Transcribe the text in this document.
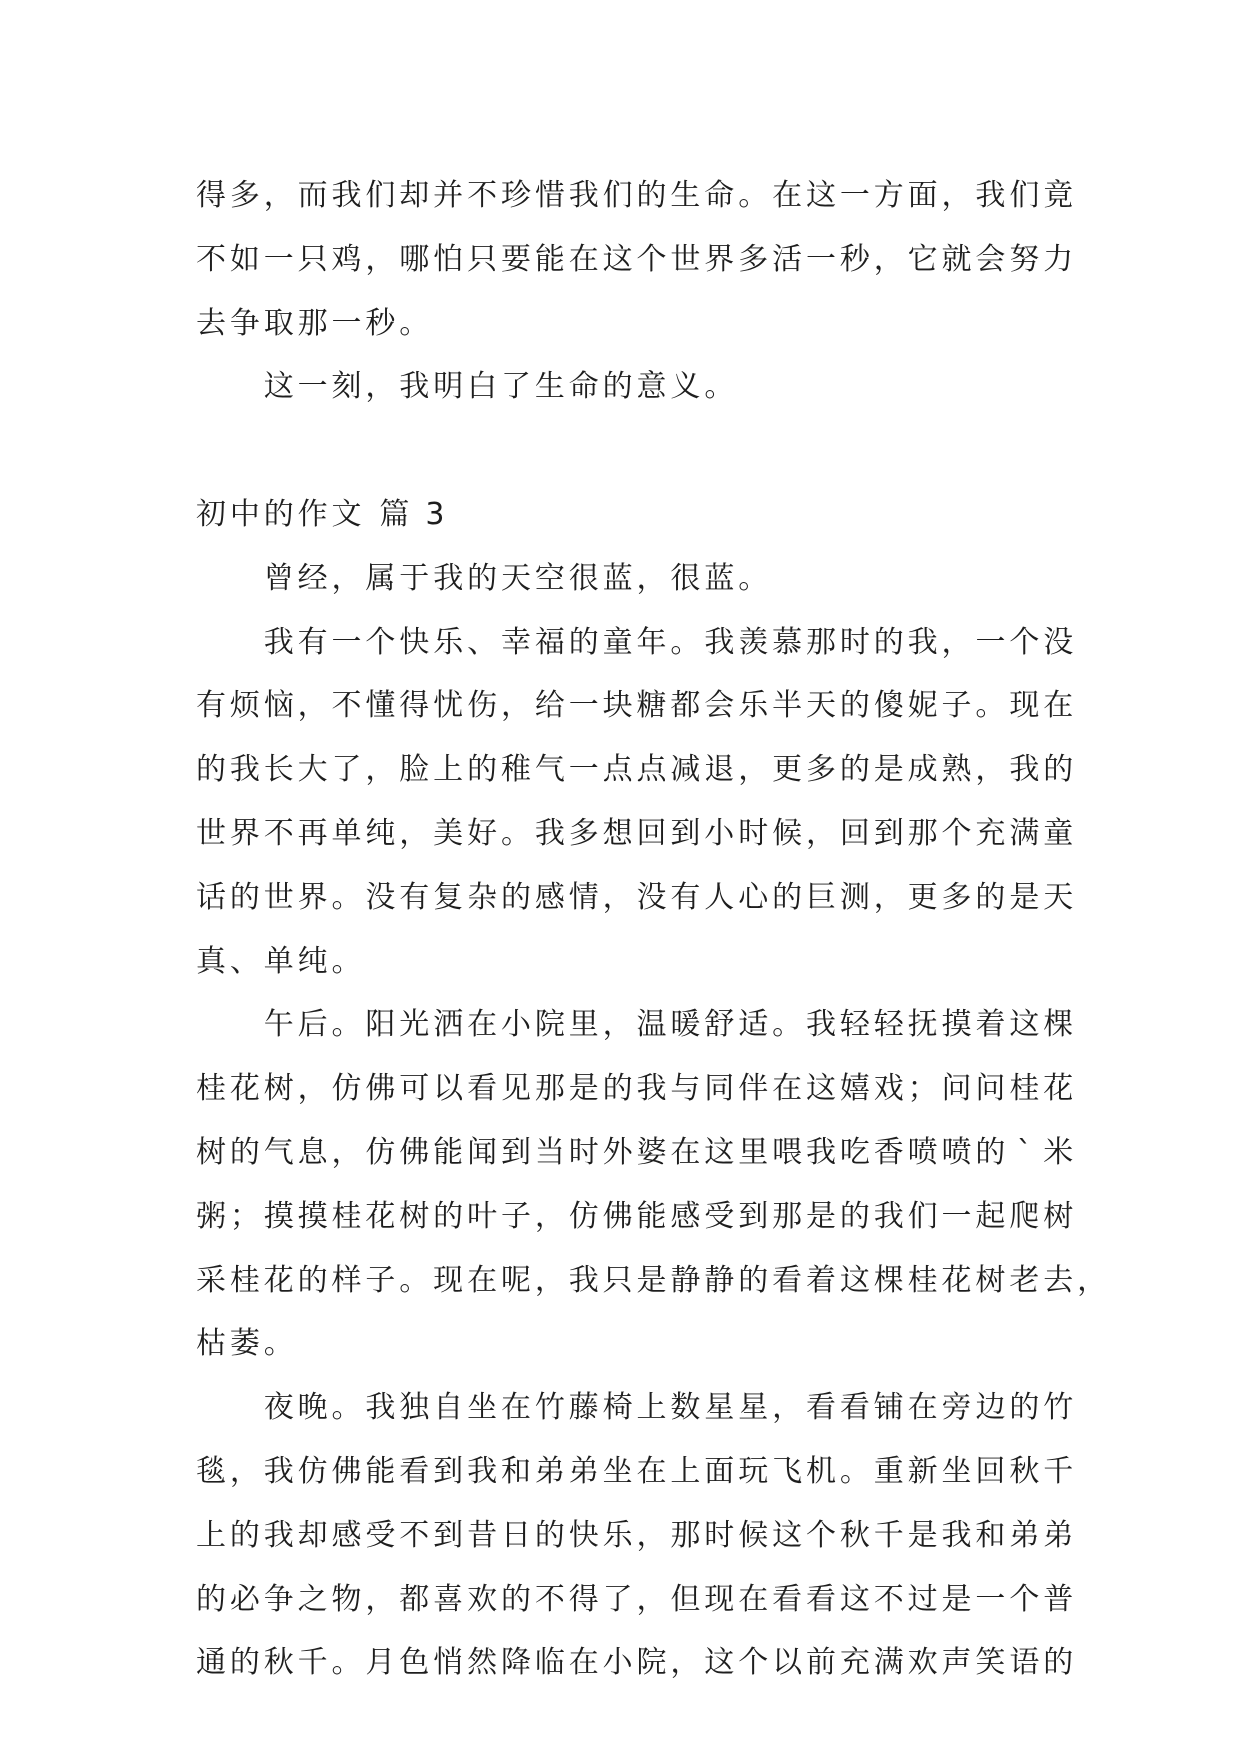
得 多 ， 而 我 们 却 并 不 珍 惜 我 们 的 生 命 。 在 这 一 方 面 ， 我 们 竟
不 如 一 只 鸡 ， 哪 怕 只 要 能 在 这 个 世 界 多 活 一 秒 ， 它 就 会 努 力
去 争 取 那 一 秒 。
这 一 刻 ， 我 明 白 了 生 命 的 意 义 。
初 中 的 作 文 篇 3
曾 经 ， 属 于 我 的 天 空 很 蓝 ， 很 蓝 。
我 有 一 个 快 乐 、 幸 福 的 童 年 。 我 羡 慕 那 时 的 我 ， 一 个 没
有 烦 恼 ， 不 懂 得 忧 伤 ， 给 一 块 糖 都 会 乐 半 天 的 傻 妮 子 。 现 在
的 我 长 大 了 ， 脸 上 的 稚 气 一 点 点 减 退 ， 更 多 的 是 成 熟 ， 我 的
世 界 不 再 单 纯 ， 美 好 。 我 多 想 回 到 小 时 候 ， 回 到 那 个 充 满 童
话 的 世 界 。 没 有 复 杂 的 感 情 ， 没 有 人 心 的 巨 测 ， 更 多 的 是 天
真 、 单 纯 。
午 后 。 阳 光 洒 在 小 院 里 ， 温 暖 舒 适 。 我 轻 轻 抚 摸 着 这 棵
桂 花 树 ， 仿 佛 可 以 看 见 那 是 的 我 与 同 伴 在 这 嬉 戏 ； 问 问 桂 花
树 的 气 息 ， 仿 佛 能 闻 到 当 时 外 婆 在 这 里 喂 我 吃 香 喷 喷 的 ` 米
粥 ； 摸 摸 桂 花 树 的 叶 子 ， 仿 佛 能 感 受 到 那 是 的 我 们 一 起 爬 树
采 桂 花 的 样 子 。 现 在 呢 ， 我 只 是 静 静 的 看 着 这 棵 桂 花 树 老 去 ，
枯 萎 。
夜 晚 。 我 独 自 坐 在 竹 藤 椅 上 数 星 星 ， 看 看 铺 在 旁 边 的 竹
毯 ， 我 仿 佛 能 看 到 我 和 弟 弟 坐 在 上 面 玩 飞 机 。 重 新 坐 回 秋 千
上 的 我 却 感 受 不 到 昔 日 的 快 乐 ， 那 时 候 这 个 秋 千 是 我 和 弟 弟
的 必 争 之 物 ， 都 喜 欢 的 不 得 了 ， 但 现 在 看 看 这 不 过 是 一 个 普
通 的 秋 千 。 月 色 悄 然 降 临 在 小 院 ， 这 个 以 前 充 满 欢 声 笑 语 的
